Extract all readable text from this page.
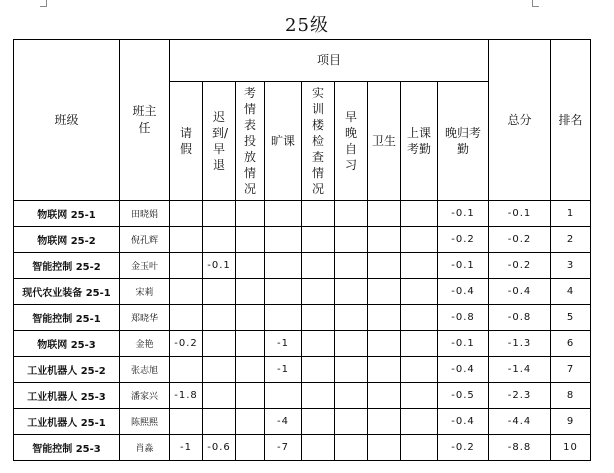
25级
班级	班主任	项目									总分	排名
		请假	迟到/早退	考情表投放情况	旷课	实训楼检查情况	早晚自习	卫生	上课考勤	晚归考勤		
物联网 25-1	田晓娟									-0.1	-0.1	1
物联网 25-2	倪孔辉									-0.2	-0.2	2
智能控制 25-2	金玉叶		-0.1							-0.1	-0.2	3
现代农业装备 25-1	宋莉									-0.4	-0.4	4
智能控制 25-1	郑晓华									-0.8	-0.8	5
物联网 25-3	金艳	-0.2			-1					-0.1	-1.3	6
工业机器人 25-2	张志旭				-1					-0.4	-1.4	7
工业机器人 25-3	潘家兴	-1.8								-0.5	-2.3	8
工业机器人 25-1	陈熙熙				-4					-0.4	-4.4	9
智能控制 25-3	肖淼	-1	-0.6		-7					-0.2	-8.8	10
